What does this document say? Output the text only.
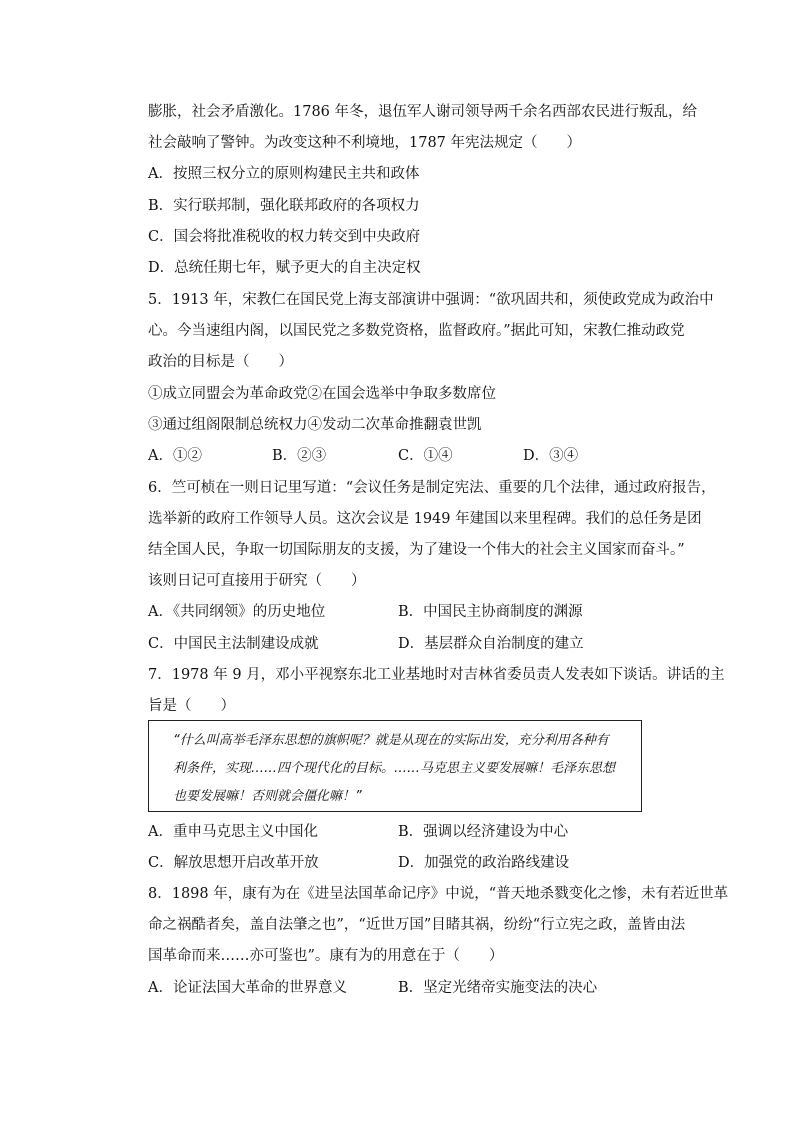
膨胀，社会矛盾激化。1786 年冬，退伍军人谢司领导两千余名西部农民进行叛乱，给
社会敲响了警钟。为改变这种不利境地，1787 年宪法规定（　　）
A．按照三权分立的原则构建民主共和政体
B．实行联邦制，强化联邦政府的各项权力
C．国会将批准税收的权力转交到中央政府
D．总统任期七年，赋予更大的自主决定权
5．1913 年，宋教仁在国民党上海支部演讲中强调：“欲巩固共和，须使政党成为政治中
心。今当速组内阁，以国民党之多数党资格，监督政府。”据此可知，宋教仁推动政党
政治的目标是（　　）
①成立同盟会为革命政党②在国会选举中争取多数席位
③通过组阁限制总统权力④发动二次革命推翻袁世凯
A．①②	B．②③	C．①④	D．③④
6．竺可桢在一则日记里写道：“会议任务是制定宪法、重要的几个法律，通过政府报告，
选举新的政府工作领导人员。这次会议是 1949 年建国以来里程碑。我们的总任务是团
结全国人民，争取一切国际朋友的支援，为了建设一个伟大的社会主义国家而奋斗。”
该则日记可直接用于研究（　　）
A．《共同纲领》的历史地位	B．中国民主协商制度的渊源
C．中国民主法制建设成就	D．基层群众自治制度的建立
7．1978 年 9 月，邓小平视察东北工业基地时对吉林省委员责人发表如下谈话。讲话的主
旨是（　　）
“什么叫高举毛泽东思想的旗帜呢？就是从现在的实际出发，充分利用各种有
利条件，实现……四个现代化的目标。……马克思主义要发展嘛！毛泽东思想
也要发展嘛！否则就会僵化嘛！”
A．重申马克思主义中国化	B．强调以经济建设为中心
C．解放思想开启改革开放	D．加强党的政治路线建设
8．1898 年，康有为在《进呈法国革命记序》中说，“普天地杀戮变化之惨，未有若近世革
命之祸酷者矣，盖自法肇之也”，“近世万国”目睹其祸，纷纷“行立宪之政，盖皆由法
国革命而来……亦可鉴也”。康有为的用意在于（　　）
A．论证法国大革命的世界意义	B．坚定光绪帝实施变法的决心
